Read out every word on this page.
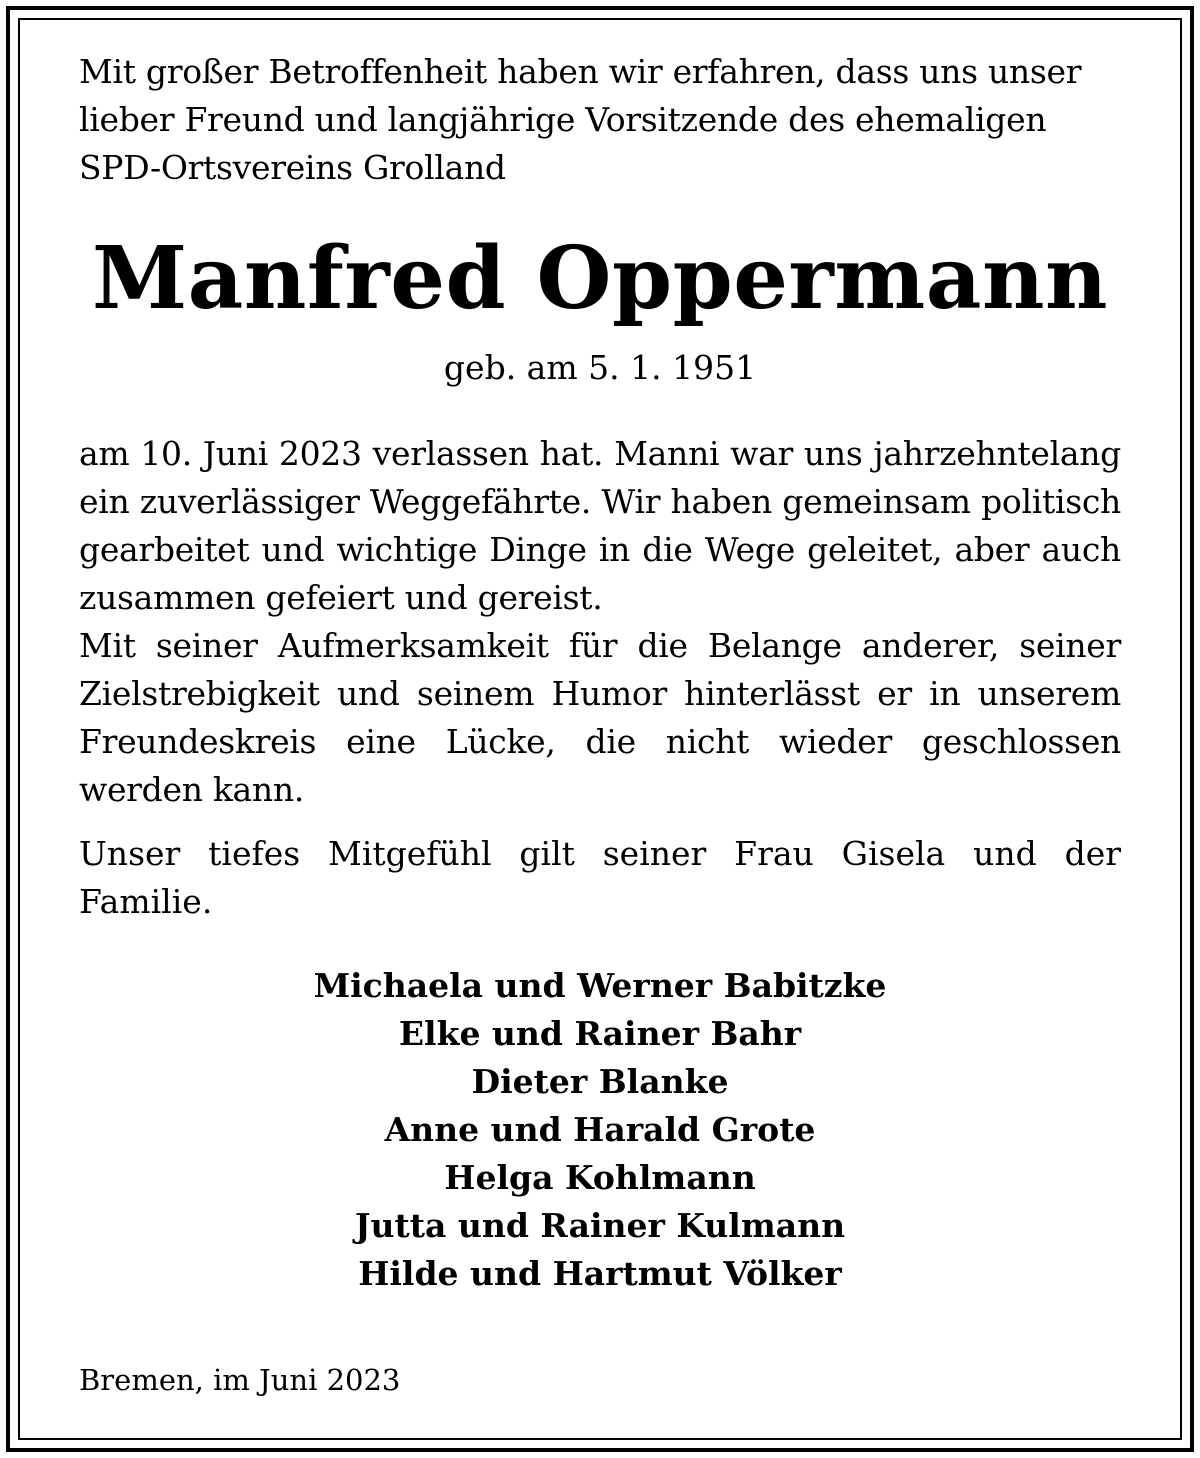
Mit großer Betroffenheit haben wir erfahren, dass uns unser
lieber Freund und langjährige Vorsitzende des ehemaligen
SPD-Ortsvereins Grolland

Manfred Oppermann

geb. am 5. 1. 1951

am 10. Juni 2023 verlassen hat. Manni war uns jahrzehntelang ein zuverlässiger Weggefährte. Wir haben gemeinsam politisch gearbeitet und wichtige Dinge in die Wege geleitet, aber auch zusammen gefeiert und gereist.

Mit seiner Aufmerksamkeit für die Belange anderer, seiner Zielstrebigkeit und seinem Humor hinterlässt er in unserem Freundeskreis eine Lücke, die nicht wieder geschlossen werden kann.

Unser tiefes Mitgefühl gilt seiner Frau Gisela und der Familie.

Michaela und Werner Babitzke
Elke und Rainer Bahr
Dieter Blanke
Anne und Harald Grote
Helga Kohlmann
Jutta und Rainer Kulmann
Hilde und Hartmut Völker
Bremen, im Juni 2023
